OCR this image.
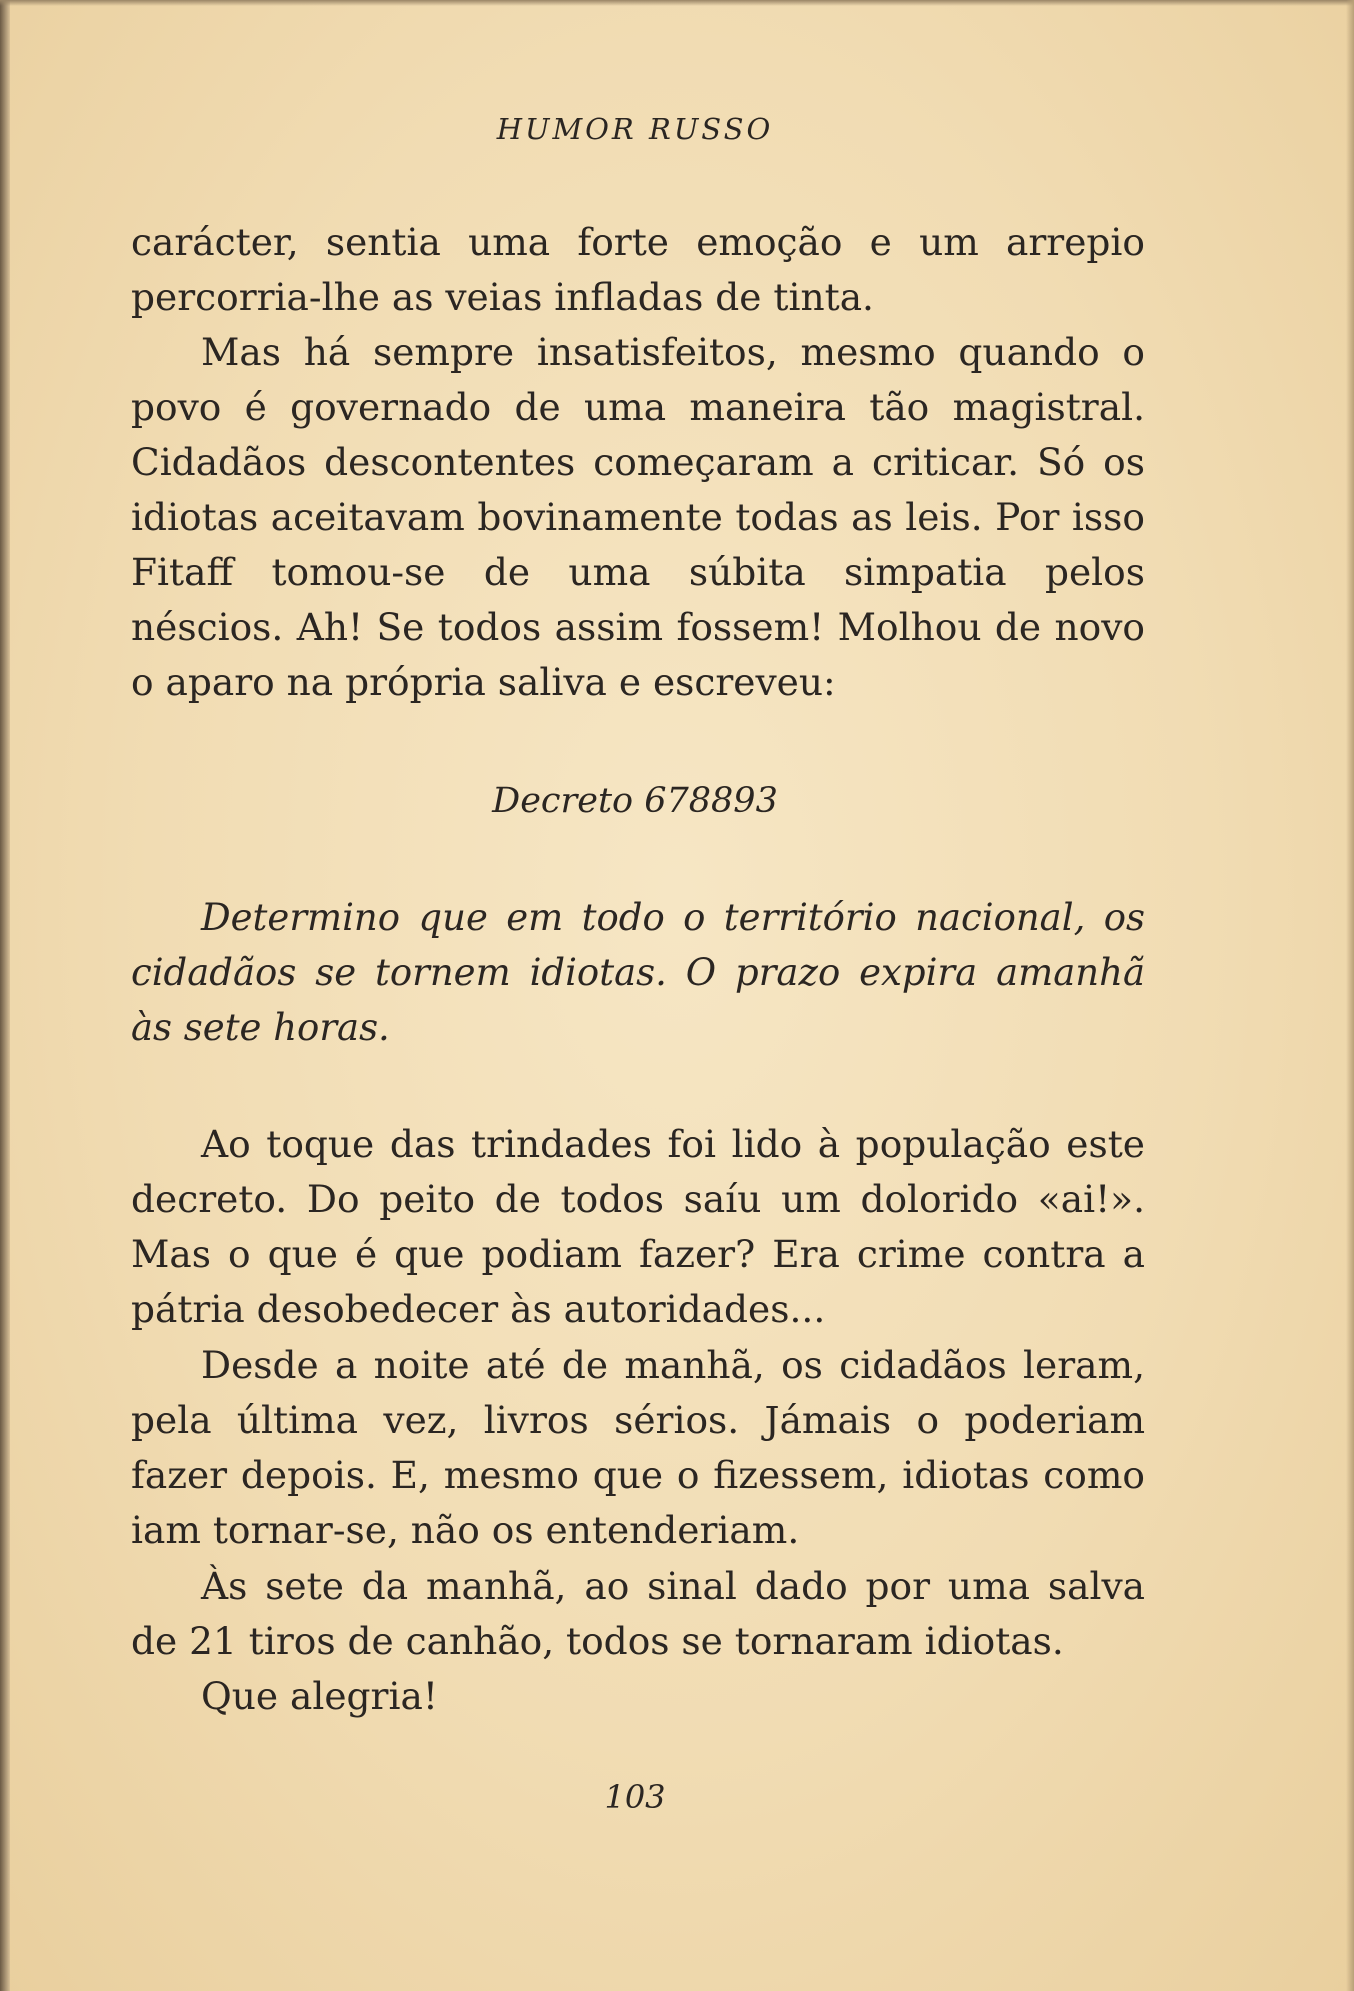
HUMOR RUSSO

carácter, sentia uma forte emoção e um arrepio percorria-lhe as veias infladas de tinta.

Mas há sempre insatisfeitos, mesmo quando o povo é governado de uma maneira tão magistral. Cidadãos descontentes começaram a criticar. Só os idiotas aceitavam bovinamente todas as leis. Por isso Fitaff tomou-se de uma súbita simpatia pelos néscios. Ah! Se todos assim fossem! Molhou de novo o aparo na própria saliva e escreveu:

Decreto 678893

Determino que em todo o território nacional, os cidadãos se tornem idiotas. O prazo expira amanhã às sete horas.

Ao toque das trindades foi lido à população este decreto. Do peito de todos saíu um dolorido «ai!». Mas o que é que podiam fazer? Era crime contra a pátria desobedecer às autoridades...

Desde a noite até de manhã, os cidadãos leram, pela última vez, livros sérios. Jámais o poderiam fazer depois. E, mesmo que o fizessem, idiotas como iam tornar-se, não os entenderiam.

Às sete da manhã, ao sinal dado por uma salva de 21 tiros de canhão, todos se tornaram idiotas.

Que alegria!

103
